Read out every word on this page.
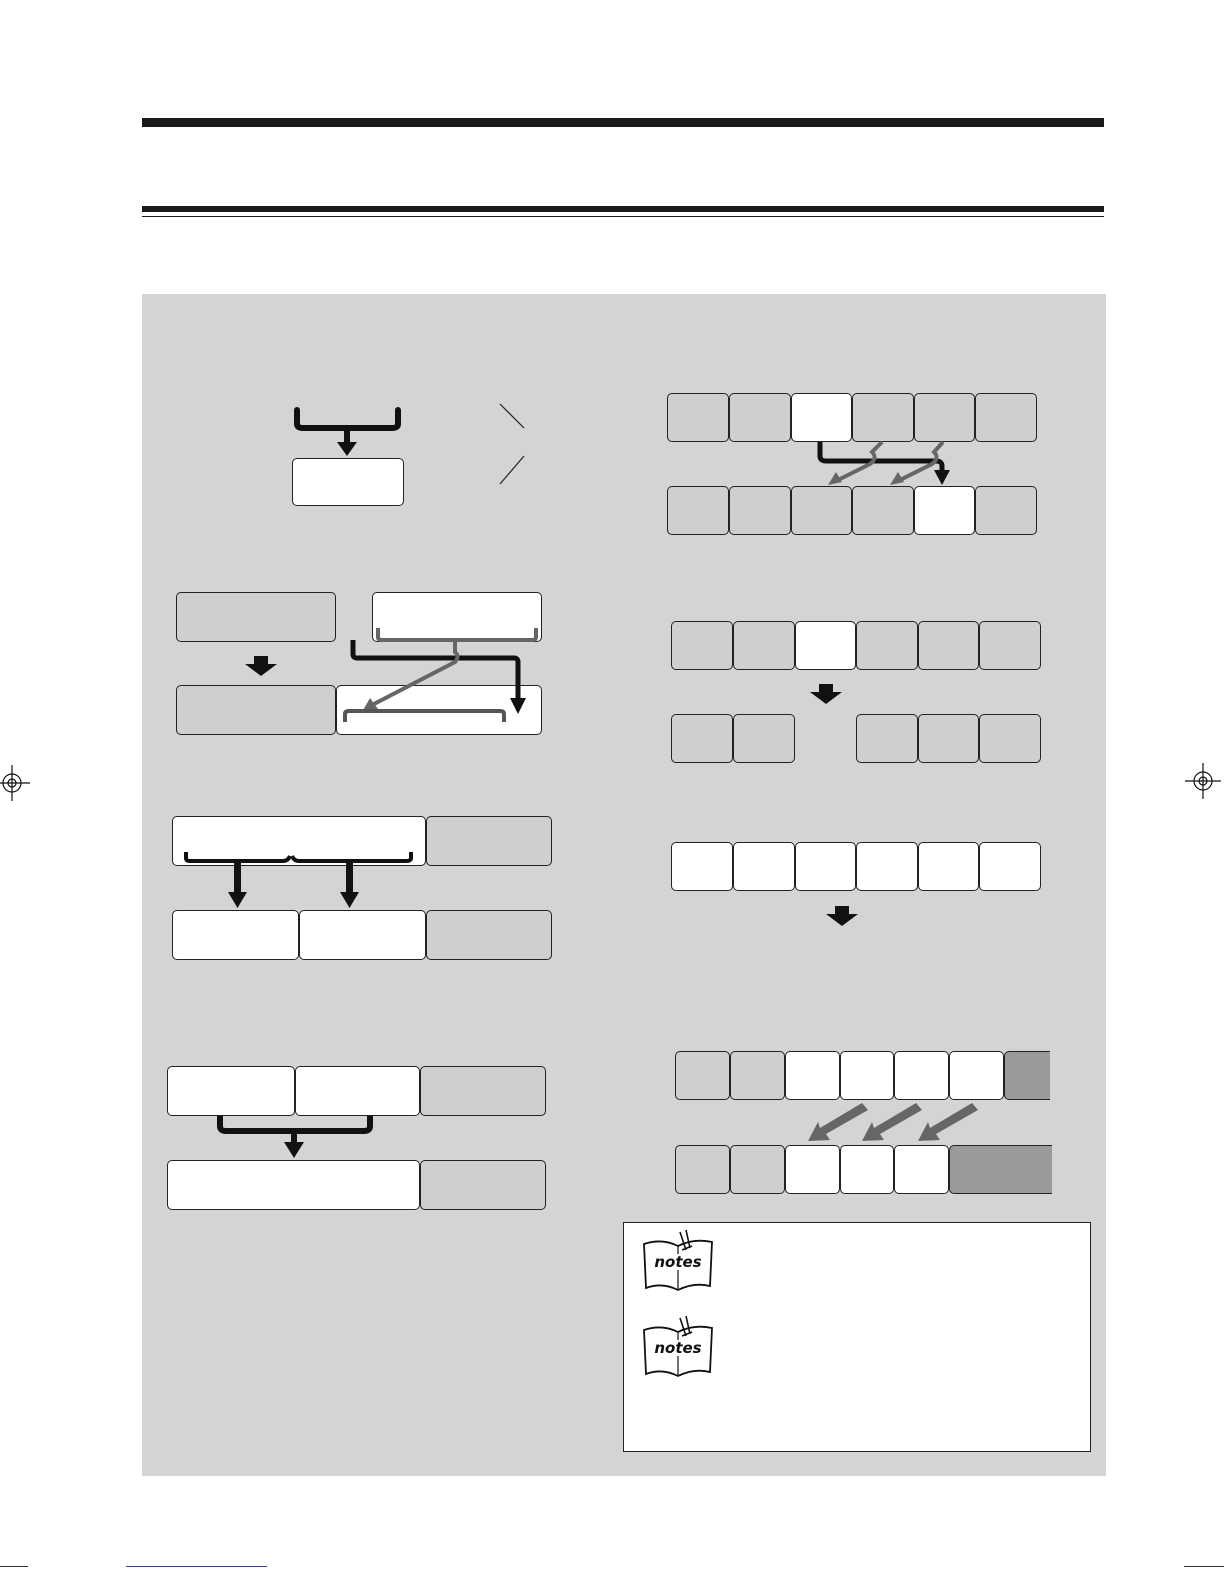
notes
notes
